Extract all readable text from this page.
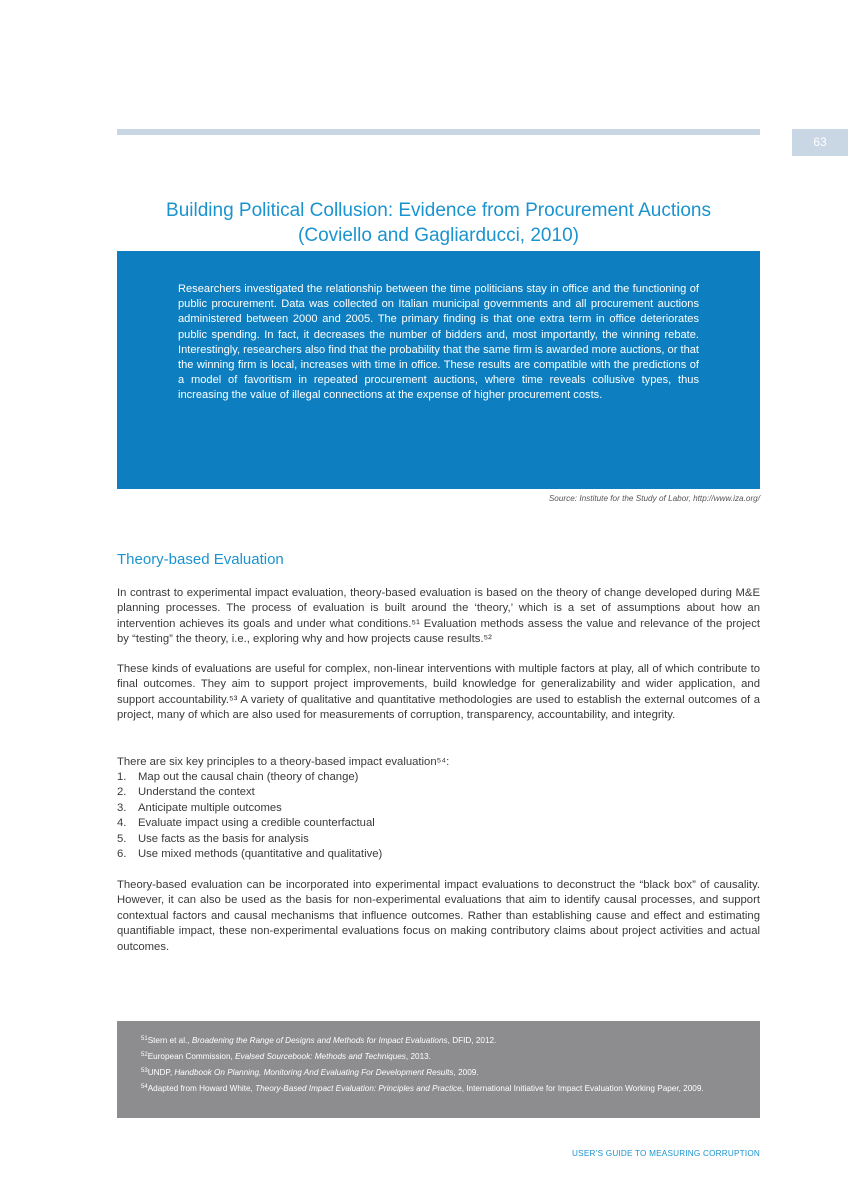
63
Building Political Collusion: Evidence from Procurement Auctions
(Coviello and Gagliarducci, 2010)

Researchers investigated the relationship between the time politicians stay in office and the functioning of public procurement. Data was collected on Italian municipal governments and all procurement auctions administered between 2000 and 2005. The primary finding is that one extra term in office deteriorates public spending. In fact, it decreases the number of bidders and, most importantly, the winning rebate. Interestingly, researchers also find that the probability that the same firm is awarded more auctions, or that the winning firm is local, increases with time in office. These results are compatible with the predictions of a model of favoritism in repeated procurement auctions, where time reveals collusive types, thus increasing the value of illegal connections at the expense of higher procurement costs.

Source: Institute for the Study of Labor, http://www.iza.org/
Theory-based Evaluation

In contrast to experimental impact evaluation, theory-based evaluation is based on the theory of change developed during M&E planning processes. The process of evaluation is built around the ‘theory,’ which is a set of assumptions about how an intervention achieves its goals and under what conditions.⁵¹ Evaluation methods assess the value and relevance of the project by “testing” the theory, i.e., exploring why and how projects cause results.⁵²

These kinds of evaluations are useful for complex, non-linear interventions with multiple factors at play, all of which contribute to final outcomes. They aim to support project improvements, build knowledge for generalizability and wider application, and support accountability.⁵³ A variety of qualitative and quantitative methodologies are used to establish the external outcomes of a project, many of which are also used for measurements of corruption, transparency, accountability, and integrity.

There are six key principles to a theory-based impact evaluation⁵⁴:

1.	Map out the causal chain (theory of change)
2.	Understand the context
3.	Anticipate multiple outcomes
4.	Evaluate impact using a credible counterfactual
5.	Use facts as the basis for analysis
6.	Use mixed methods (quantitative and qualitative)

Theory-based evaluation can be incorporated into experimental impact evaluations to deconstruct the “black box” of causality. However, it can also be used as the basis for non-experimental evaluations that aim to identify causal processes, and support contextual factors and causal mechanisms that influence outcomes. Rather than establishing cause and effect and estimating quantifiable impact, these non-experimental evaluations focus on making contributory claims about project activities and actual outcomes.

$^{51}$Stern et al., Broadening the Range of Designs and Methods for Impact Evaluations, DFID, 2012.
$^{52}$European Commission, Evalsed Sourcebook: Methods and Techniques, 2013.
$^{53}$UNDP, Handbook On Planning, Monitoring And Evaluating For Development Results, 2009.
$^{54}$Adapted from Howard White, Theory-Based Impact Evaluation: Principles and Practice, International Initiative for Impact Evaluation Working Paper, 2009.
USER’S GUIDE TO MEASURING CORRUPTION
